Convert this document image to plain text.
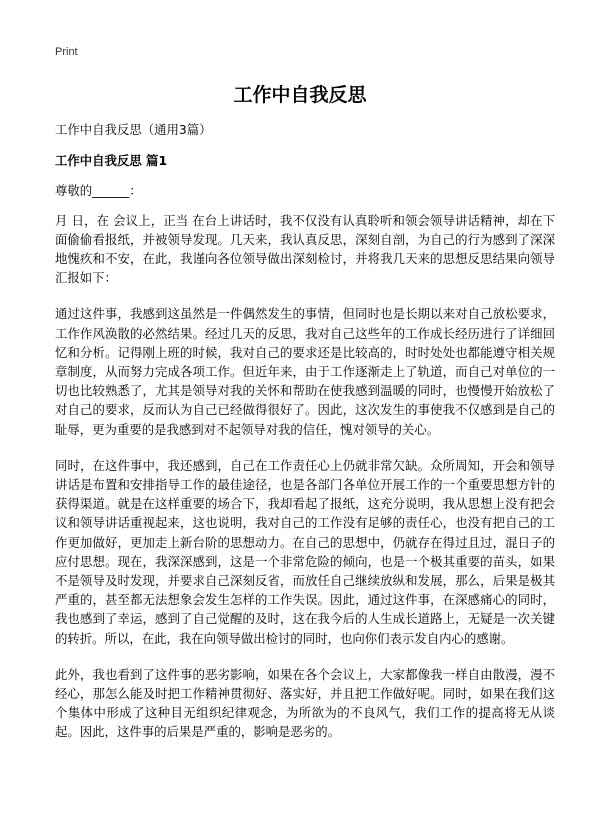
Print
工作中自我反思

工作中自我反思（通用3篇）

工作中自我反思 篇1

尊敬的______：

月 日，在 会议上，正当 在台上讲话时，我不仅没有认真聆听和领会领导讲话精神，却在下面偷偷看报纸，并被领导发现。几天来，我认真反思，深刻自剖，为自己的行为感到了深深地愧疚和不安，在此，我谨向各位领导做出深刻检讨，并将我几天来的思想反思结果向领导汇报如下：

通过这件事，我感到这虽然是一件偶然发生的事情，但同时也是长期以来对自己放松要求，工作作风涣散的必然结果。经过几天的反思，我对自己这些年的工作成长经历进行了详细回忆和分析。记得刚上班的时候，我对自己的要求还是比较高的，时时处处也都能遵守相关规章制度，从而努力完成各项工作。但近年来，由于工作逐渐走上了轨道，而自己对单位的一切也比较熟悉了，尤其是领导对我的关怀和帮助在使我感到温暖的同时，也慢慢开始放松了对自己的要求，反而认为自己已经做得很好了。因此，这次发生的事使我不仅感到是自己的耻辱，更为重要的是我感到对不起领导对我的信任，愧对领导的关心。

同时，在这件事中，我还感到，自己在工作责任心上仍就非常欠缺。众所周知，开会和领导讲话是布置和安排指导工作的最佳途径，也是各部门各单位开展工作的一个重要思想方针的获得渠道。就是在这样重要的场合下，我却看起了报纸，这充分说明，我从思想上没有把会议和领导讲话重视起来，这也说明，我对自己的工作没有足够的责任心，也没有把自己的工作更加做好，更加走上新台阶的思想动力。在自己的思想中，仍就存在得过且过，混日子的应付思想。现在，我深深感到，这是一个非常危险的倾向，也是一个极其重要的苗头，如果不是领导及时发现，并要求自己深刻反省，而放任自己继续放纵和发展，那么，后果是极其严重的，甚至都无法想象会发生怎样的工作失误。因此，通过这件事，在深感痛心的同时，我也感到了幸运，感到了自己觉醒的及时，这在我今后的人生成长道路上，无疑是一次关键的转折。所以，在此，我在向领导做出检讨的同时，也向你们表示发自内心的感谢。

此外，我也看到了这件事的恶劣影响，如果在各个会议上，大家都像我一样自由散漫，漫不经心，那怎么能及时把工作精神贯彻好、落实好，并且把工作做好呢。同时，如果在我们这个集体中形成了这种目无组织纪律观念，为所欲为的不良风气，我们工作的提高将无从谈起。因此，这件事的后果是严重的，影响是恶劣的。
